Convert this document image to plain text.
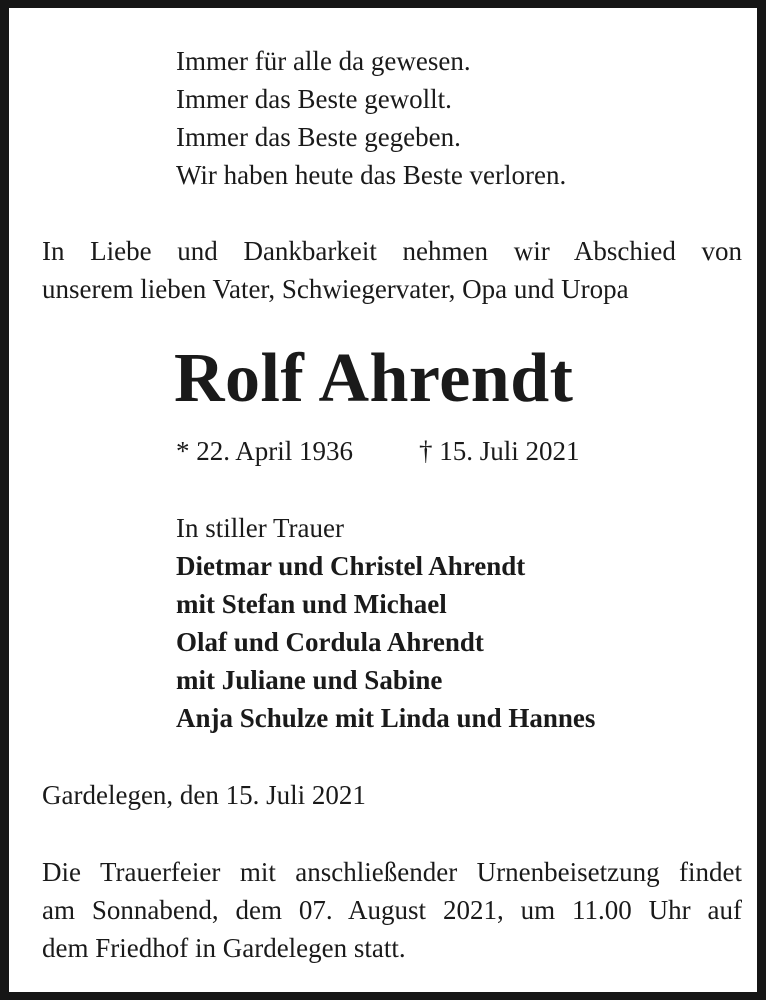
Immer für alle da gewesen.
Immer das Beste gewollt.
Immer das Beste gegeben.
Wir haben heute das Beste verloren.
In Liebe und Dankbarkeit nehmen wir Abschied von
unserem lieben Vater, Schwiegervater, Opa und Uropa
Rolf Ahrendt
* 22. April 1936 † 15. Juli 2021
In stiller Trauer
Dietmar und Christel Ahrendt
mit Stefan und Michael
Olaf und Cordula Ahrendt
mit Juliane und Sabine
Anja Schulze mit Linda und Hannes
Gardelegen, den 15. Juli 2021
Die Trauerfeier mit anschließender Urnenbeisetzung findet
am Sonnabend, dem 07. August 2021, um 11.00 Uhr auf
dem Friedhof in Gardelegen statt.
